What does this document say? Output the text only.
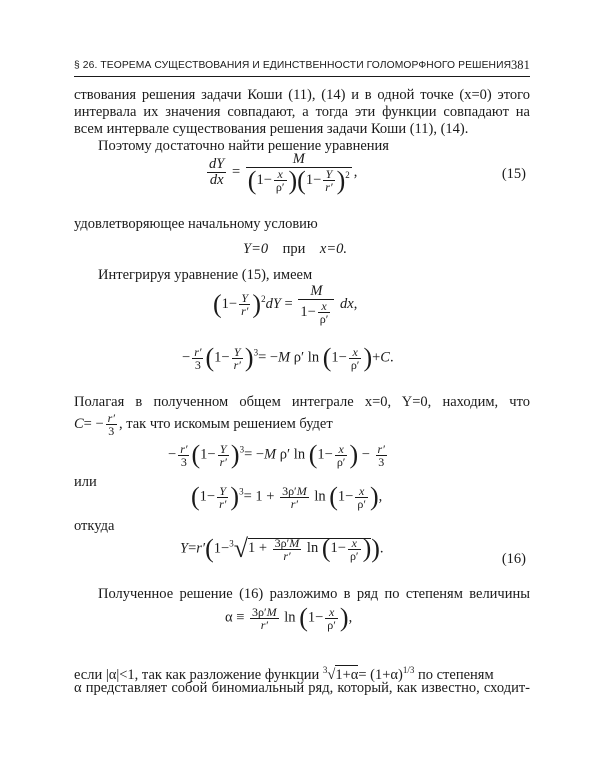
§ 26. ТЕОРЕМА СУЩЕСТВОВАНИЯ И ЕДИНСТВЕННОСТИ ГОЛОМОРФНОГО РЕШЕНИЯ 381
ствования решения задачи Коши (11), (14) и в одной точке (x=0) этого
интервала их значения совпадают, а тогда эти функции совпадают на
всем интервале существования решения задачи Коши (11), (14).
Поэтому достаточно найти решение уравнения
$\frac{dY}{dx} = \frac{M}{(1- \frac{x}{\rho'} )(1- \frac{Y}{r'} )^2}$ ,	(15)
удовлетворяющее начальному условию
Y=0 при x=0.
Интегрируя уравнение (15), имеем
$(1- \frac{Y}{r'} )^2dY = \frac{M}{1- \frac{x}{\rho'}}$ dx,
− $\frac{r'}{3} (1- \frac{Y}{r'} )^3= -M$ ρ′ $\ln (1- \frac{x}{\rho'} )+C$.
Полагая в полученном общем интеграле x=0, Y=0, находим, что
$C= - \frac{r'}{3}$ , так что искомым решением будет
− $\frac{r'}{3} (1- \frac{Y}{r'} )^3= -M$ ρ′ $\ln (1- \frac{x}{\rho'}$ ) − $\frac{r'}{3}$
или	$(1- \frac{Y}{r'} )^3= 1 + \frac{3\rho'M}{r'}$ $\ln (1- \frac{x}{\rho'}$ ),
откуда
$Y=r'(1-^3√1 + \frac{3\rho'M}{r'}$ $\ln (1- \frac{x}{\rho'}$ )).
(16)
Полученное решение (16) разложимо в ряд по степеням величины
$\alpha \equiv \frac{3\rho'M}{r'}$ $\ln (1- \frac{x}{\rho'}$ ),
если |α|<1, так как разложение функции $^3√1+\alpha= (1+\alpha)^{1/3}$ по степеням
α представляет собой биномиальный ряд, который, как известно, сходит-
